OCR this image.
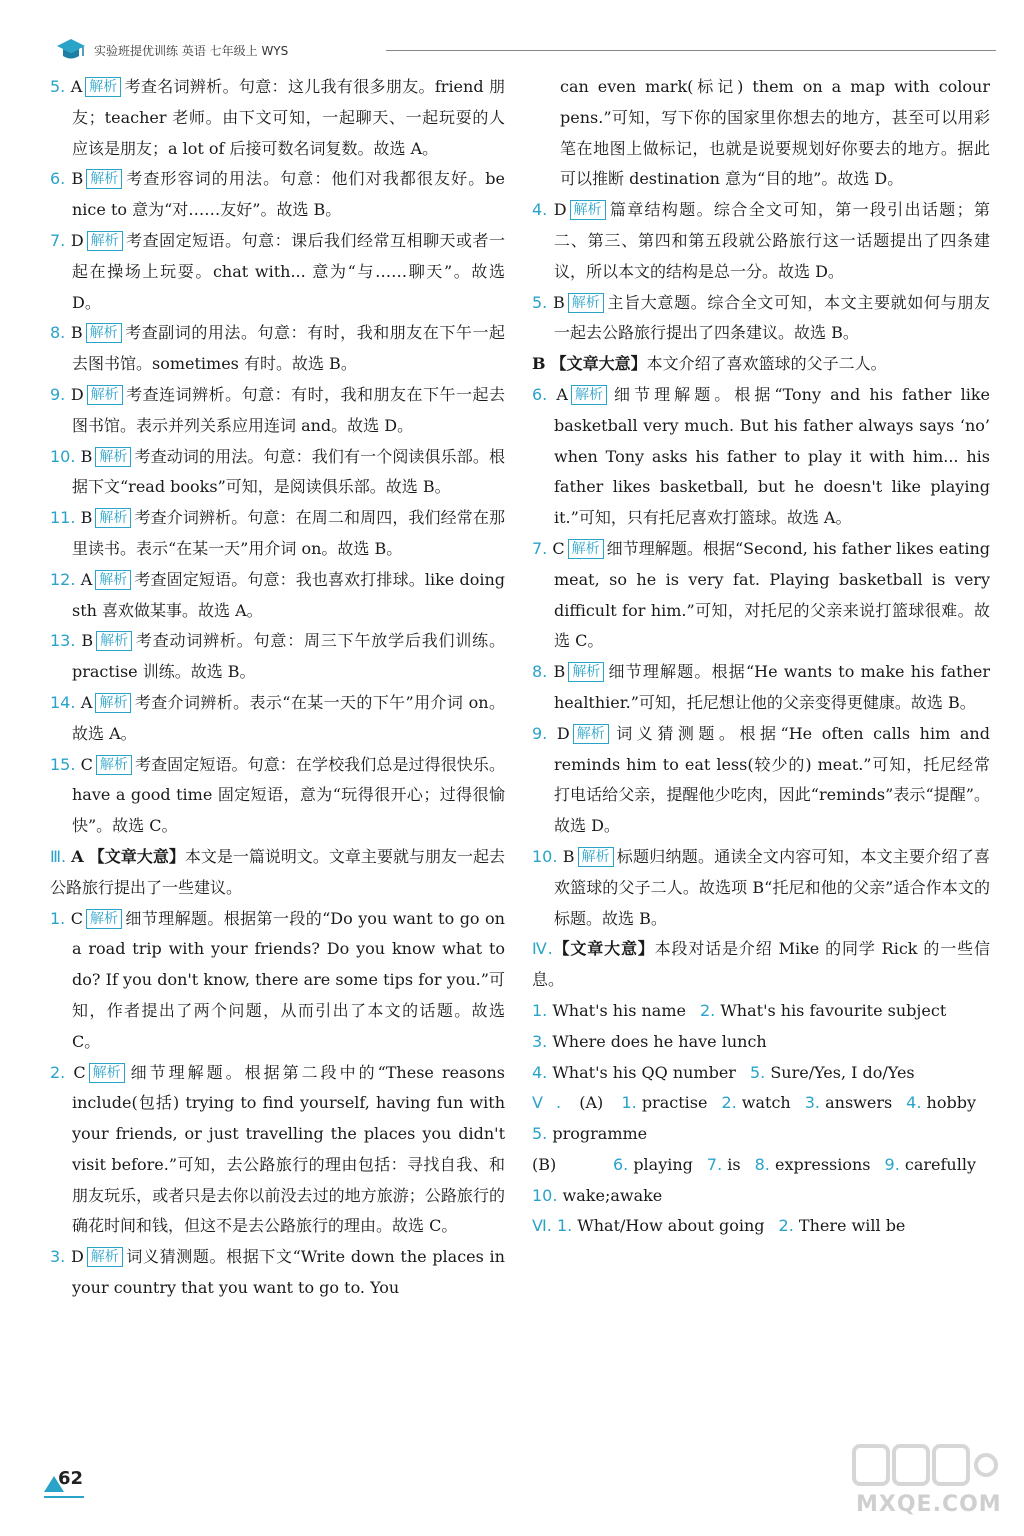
实验班提优训练 英语 七年级上 WYS
5. A 解析 考查名词辨析。句意：这儿我有很多朋友。friend 朋友；teacher 老师。由下文可知，一起聊天、一起玩耍的人应该是朋友；a lot of 后接可数名词复数。故选 A。
6. B 解析 考查形容词的用法。句意：他们对我都很友好。be nice to 意为“对……友好”。故选 B。
7. D 解析 考查固定短语。句意：课后我们经常互相聊天或者一起在操场上玩耍。chat with... 意为“与……聊天”。故选 D。
8. B 解析 考查副词的用法。句意：有时，我和朋友在下午一起去图书馆。sometimes 有时。故选 B。
9. D 解析 考查连词辨析。句意：有时，我和朋友在下午一起去图书馆。表示并列关系应用连词 and。故选 D。
10. B 解析 考查动词的用法。句意：我们有一个阅读俱乐部。根据下文“read books”可知，是阅读俱乐部。故选 B。
11. B 解析 考查介词辨析。句意：在周二和周四，我们经常在那里读书。表示“在某一天”用介词 on。故选 B。
12. A 解析 考查固定短语。句意：我也喜欢打排球。like doing sth 喜欢做某事。故选 A。
13. B 解析 考查动词辨析。句意：周三下午放学后我们训练。practise 训练。故选 B。
14. A 解析 考查介词辨析。表示“在某一天的下午”用介词 on。故选 A。
15. C 解析 考查固定短语。句意：在学校我们总是过得很快乐。have a good time 固定短语，意为“玩得很开心；过得很愉快”。故选 C。
Ⅲ. A 【文章大意】本文是一篇说明文。文章主要就与朋友一起去公路旅行提出了一些建议。
1. C 解析 细节理解题。根据第一段的“Do you want to go on a road trip with your friends? Do you know what to do? If you don't know, there are some tips for you.”可知，作者提出了两个问题，从而引出了本文的话题。故选 C。
2. C 解析 细节理解题。根据第二段中的“These reasons include(包括) trying to find yourself, having fun with your friends, or just travelling the places you didn't visit before.”可知，去公路旅行的理由包括：寻找自我、和朋友玩乐，或者只是去你以前没去过的地方旅游；公路旅行的确花时间和钱，但这不是去公路旅行的理由。故选 C。
3. D 解析 词义猜测题。根据下文“Write down the places in your country that you want to go to. You
can even mark(标记) them on a map with colour pens.”可知，写下你的国家里你想去的地方，甚至可以用彩笔在地图上做标记，也就是说要规划好你要去的地方。据此可以推断 destination 意为“目的地”。故选 D。
4. D 解析 篇章结构题。综合全文可知，第一段引出话题；第二、第三、第四和第五段就公路旅行这一话题提出了四条建议，所以本文的结构是总一分。故选 D。
5. B 解析 主旨大意题。综合全文可知，本文主要就如何与朋友一起去公路旅行提出了四条建议。故选 B。
B 【文章大意】本文介绍了喜欢篮球的父子二人。
6. A 解析 细节理解题。根据“Tony and his father like basketball very much. But his father always says ‘no’ when Tony asks his father to play it with him... his father likes basketball, but he doesn't like playing it.”可知，只有托尼喜欢打篮球。故选 A。
7. C 解析 细节理解题。根据“Second, his father likes eating meat, so he is very fat. Playing basketball is very difficult for him.”可知，对托尼的父亲来说打篮球很难。故选 C。
8. B 解析 细节理解题。根据“He wants to make his father healthier.”可知，托尼想让他的父亲变得更健康。故选 B。
9. D 解析 词义猜测题。根据“He often calls him and reminds him to eat less(较少的) meat.”可知，托尼经常打电话给父亲，提醒他少吃肉，因此“reminds”表示“提醒”。故选 D。
10. B 解析 标题归纳题。通读全文内容可知，本文主要介绍了喜欢篮球的父子二人。故选项 B“托尼和他的父亲”适合作本文的标题。故选 B。
Ⅳ.【文章大意】本段对话是介绍 Mike 的同学 Rick 的一些信息。
1. What's his name 2. What's his favourite subject3. Where does he have lunch4. What's his QQ number 5. Sure/Yes, I do/Yes
Ⅴ. (A) 1. practise 2. watch 3. answers 4. hobby5. programme
(B)	6. playing 7. is 8. expressions 9. carefully10. wake;awake
Ⅵ. 1. What/How about going 2. There will be
62
MXQE.COM
